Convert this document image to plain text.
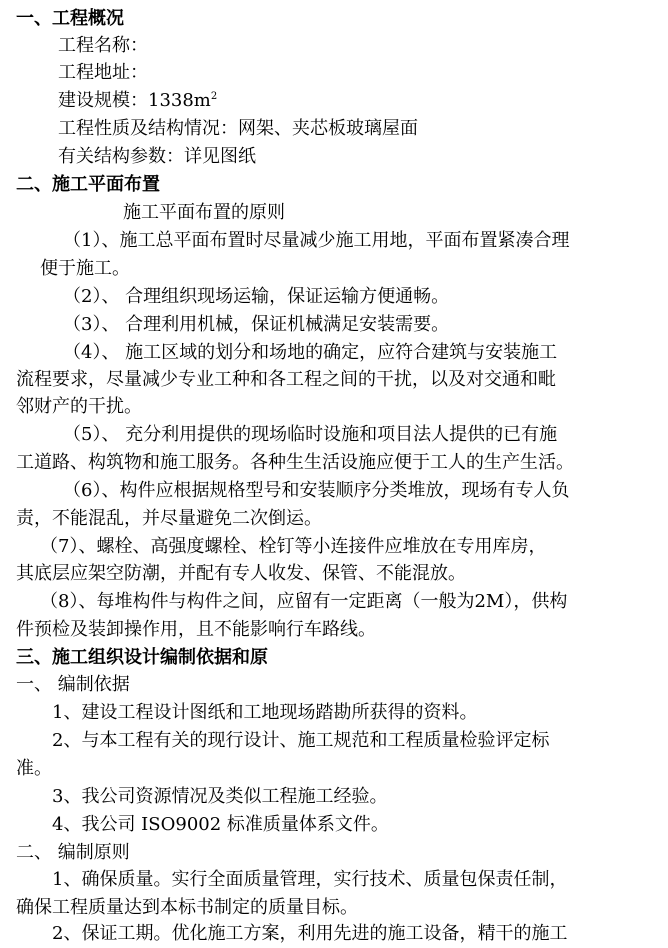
一、工程概况
工程名称：
工程地址：
建设规模：$1338m^2$
工程性质及结构情况：网架、夹芯板玻璃屋面
有关结构参数：详见图纸
二、施工平面布置
施工平面布置的原则
（1）、施工总平面布置时尽量减少施工用地，平面布置紧凑合理
便于施工。
（2）、 合理组织现场运输，保证运输方便通畅。
（3）、 合理利用机械，保证机械满足安装需要。
（4）、 施工区域的划分和场地的确定，应符合建筑与安装施工
流程要求，尽量减少专业工种和各工程之间的干扰，以及对交通和毗
邻财产的干扰。
（5）、 充分利用提供的现场临时设施和项目法人提供的已有施
工道路、构筑物和施工服务。各种生生活设施应便于工人的生产生活。
（6）、构件应根据规格型号和安装顺序分类堆放，现场有专人负
责，不能混乱，并尽量避免二次倒运。
（7）、螺栓、高强度螺栓、栓钉等小连接件应堆放在专用库房，
其底层应架空防潮，并配有专人收发、保管、不能混放。
（8）、每堆构件与构件之间，应留有一定距离（一般为2M），供构
件预检及装卸操作用，且不能影响行车路线。
三、施工组织设计编制依据和原
一、 编制依据
1、建设工程设计图纸和工地现场踏勘所获得的资料。
2、与本工程有关的现行设计、施工规范和工程质量检验评定标
准。
3、我公司资源情况及类似工程施工经验。
4、我公司 ISO9002 标准质量体系文件。
二、 编制原则
1、确保质量。实行全面质量管理，实行技术、质量包保责任制，
确保工程质量达到本标书制定的质量目标。
2、保证工期。优化施工方案，利用先进的施工设备，精干的施工
